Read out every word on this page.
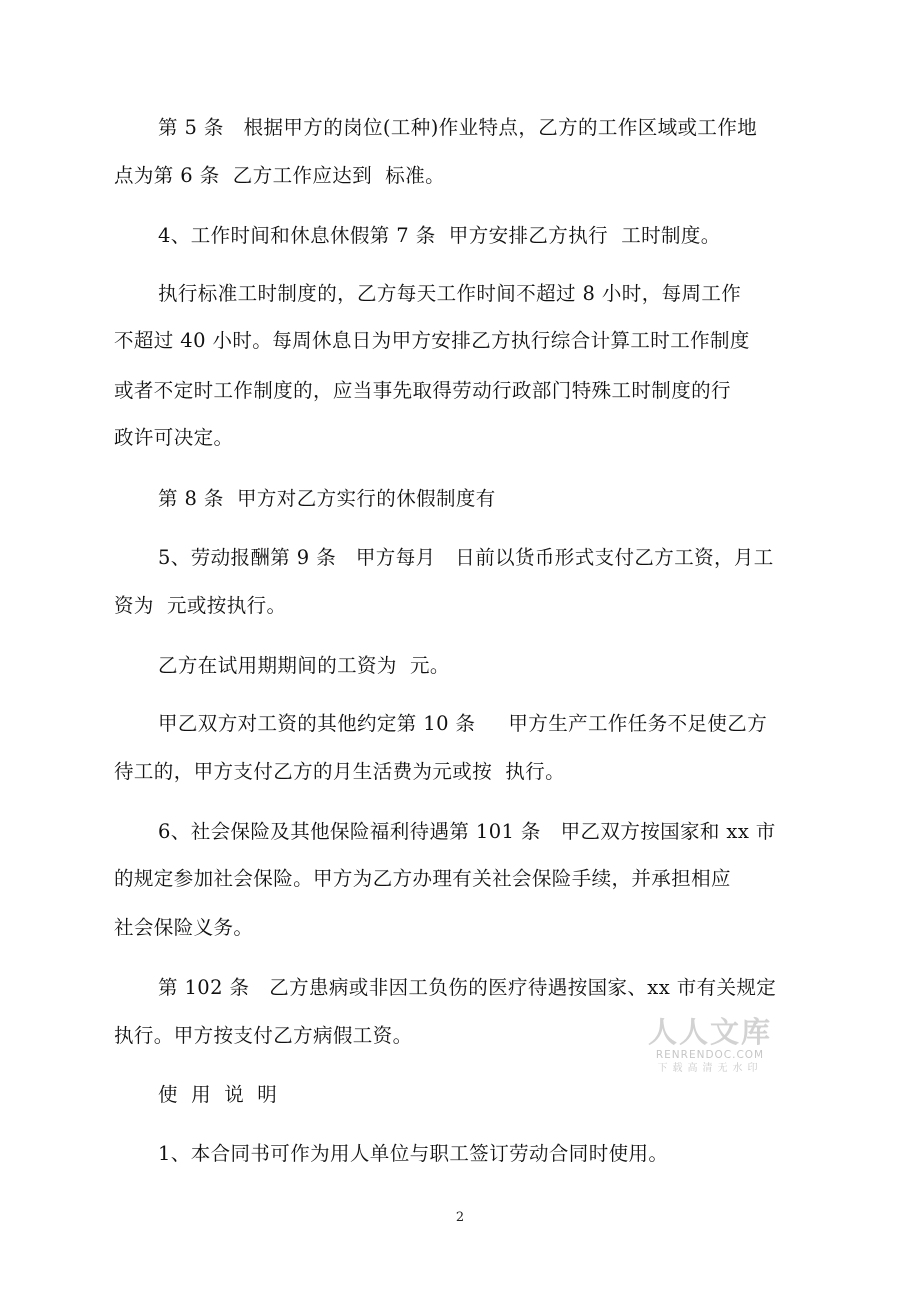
第 5 条   根据甲方的岗位(工种)作业特点，乙方的工作区域或工作地
点为第 6 条  乙方工作应达到  标准。
4、工作时间和休息休假第 7 条  甲方安排乙方执行  工时制度。
执行标准工时制度的，乙方每天工作时间不超过 8 小时，每周工作
不超过 40 小时。每周休息日为甲方安排乙方执行综合计算工时工作制度
或者不定时工作制度的，应当事先取得劳动行政部门特殊工时制度的行
政许可决定。
第 8 条  甲方对乙方实行的休假制度有
5、劳动报酬第 9 条   甲方每月   日前以货币形式支付乙方工资，月工
资为  元或按执行。
乙方在试用期期间的工资为  元。
甲乙双方对工资的其他约定第 10 条     甲方生产工作任务不足使乙方
待工的，甲方支付乙方的月生活费为元或按  执行。
6、社会保险及其他保险福利待遇第 101 条   甲乙双方按国家和 xx 市
的规定参加社会保险。甲方为乙方办理有关社会保险手续，并承担相应
社会保险义务。
第 102 条   乙方患病或非因工负伤的医疗待遇按国家、xx 市有关规定
执行。甲方按支付乙方病假工资。
使  用  说  明
1、本合同书可作为用人单位与职工签订劳动合同时使用。
2
人人文库
RENRENDOC.COM
下载高清无水印
